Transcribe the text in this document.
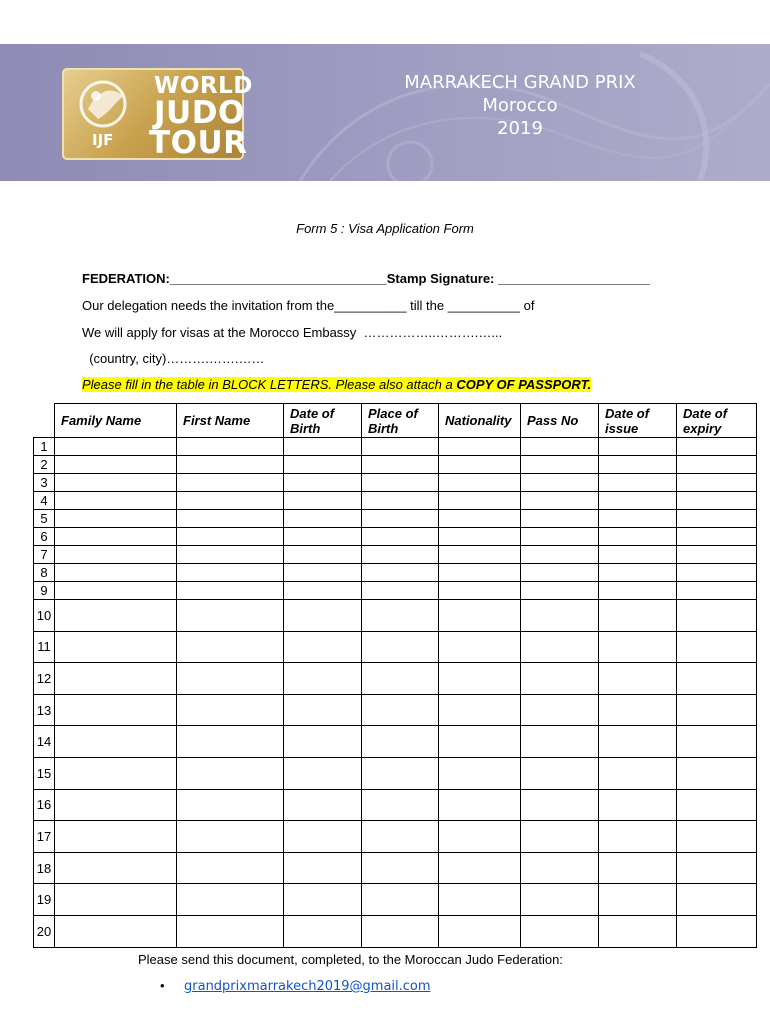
WORLD
JUDO
TOUR
IJF
MARRAKECH GRAND PRIX
Morocco
2019
Form 5 : Visa Application Form
FEDERATION:______________________________Stamp Signature: _____________________
Our delegation needs the invitation from the__________ till the __________ of
We will apply for visas at the Morocco Embassy  ……………..……….…...
(country, city)……….…….……
Please fill in the table in BLOCK LETTERS. Please also attach a COPY OF PASSPORT.
	Family Name	First Name	Date of Birth	Place of Birth	Nationality	Pass No	Date of issue	Date of expiry
1								
2								
3								
4								
5								
6								
7								
8								
9								
10								
11								
12								
13								
14								
15								
16								
17								
18								
19								
20								
Please send this document, completed, to the Moroccan Judo Federation:
• grandprixmarrakech2019@gmail.com
